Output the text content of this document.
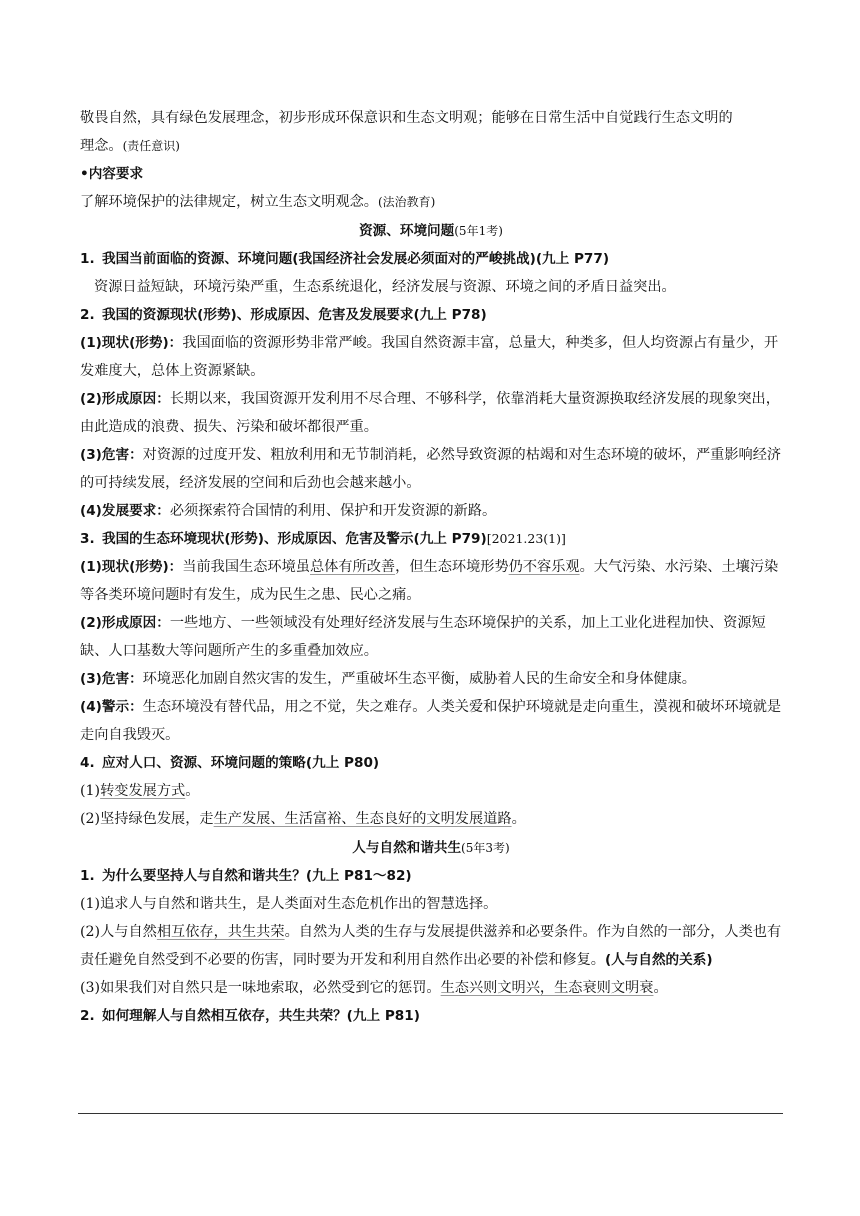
敬畏自然，具有绿色发展理念，初步形成环保意识和生态文明观；能够在日常生活中自觉践行生态文明的
理念。(责任意识)

•内容要求

了解环境保护的法律规定，树立生态文明观念。(法治教育)

资源、环境问题(5年1考)

1. 我国当前面临的资源、环境问题(我国经济社会发展必须面对的严峻挑战)(九上 P77)

资源日益短缺，环境污染严重，生态系统退化，经济发展与资源、环境之间的矛盾日益突出。

2. 我国的资源现状(形势)、形成原因、危害及发展要求(九上 P78)

(1)现状(形势)：我国面临的资源形势非常严峻。我国自然资源丰富，总量大，种类多，但人均资源占有量少，开发难度大，总体上资源紧缺。

(2)形成原因：长期以来，我国资源开发利用不尽合理、不够科学，依靠消耗大量资源换取经济发展的现象突出，由此造成的浪费、损失、污染和破坏都很严重。

(3)危害：对资源的过度开发、粗放利用和无节制消耗，必然导致资源的枯竭和对生态环境的破坏，严重影响经济的可持续发展，经济发展的空间和后劲也会越来越小。

(4)发展要求：必须探索符合国情的利用、保护和开发资源的新路。

3. 我国的生态环境现状(形势)、形成原因、危害及警示(九上 P79)[2021.23(1)]

(1)现状(形势)：当前我国生态环境虽总体有所改善，但生态环境形势仍不容乐观。大气污染、水污染、土壤污染等各类环境问题时有发生，成为民生之患、民心之痛。

(2)形成原因：一些地方、一些领域没有处理好经济发展与生态环境保护的关系，加上工业化进程加快、资源短缺、人口基数大等问题所产生的多重叠加效应。

(3)危害：环境恶化加剧自然灾害的发生，严重破坏生态平衡，威胁着人民的生命安全和身体健康。

(4)警示：生态环境没有替代品，用之不觉，失之难存。人类关爱和保护环境就是走向重生，漠视和破坏环境就是走向自我毁灭。

4. 应对人口、资源、环境问题的策略(九上 P80)

(1)转变发展方式。

(2)坚持绿色发展，走生产发展、生活富裕、生态良好的文明发展道路。

人与自然和谐共生(5年3考)

1. 为什么要坚持人与自然和谐共生？(九上 P81～82)

(1)追求人与自然和谐共生，是人类面对生态危机作出的智慧选择。

(2)人与自然相互依存，共生共荣。自然为人类的生存与发展提供滋养和必要条件。作为自然的一部分，人类也有责任避免自然受到不必要的伤害，同时要为开发和利用自然作出必要的补偿和修复。(人与自然的关系)

(3)如果我们对自然只是一味地索取，必然受到它的惩罚。生态兴则文明兴，生态衰则文明衰。

2. 如何理解人与自然相互依存，共生共荣？(九上 P81)
